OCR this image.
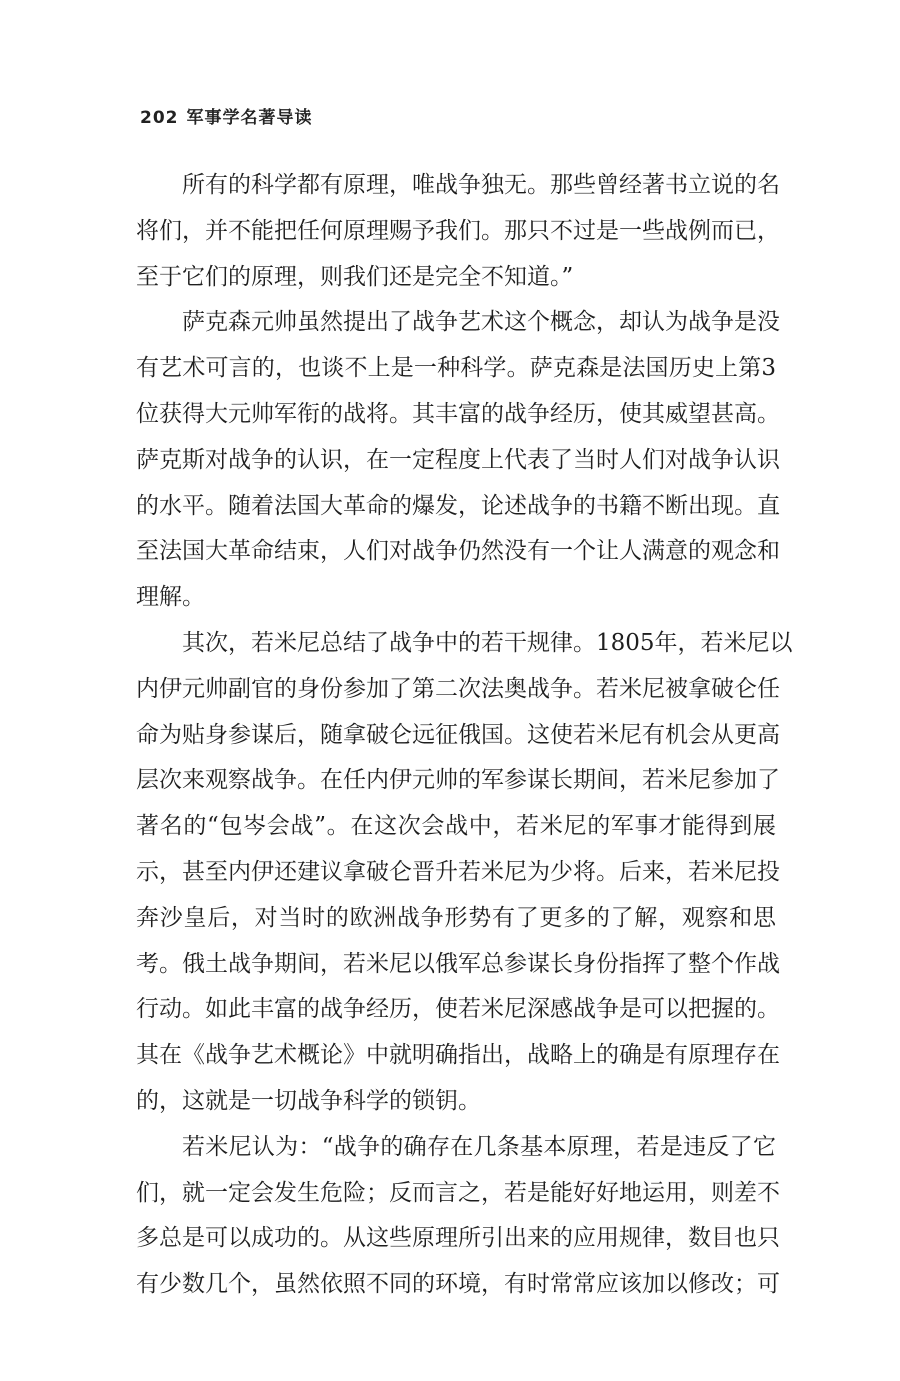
202 军事学名著导读
所有的科学都有原理，唯战争独无。那些曾经著书立说的名
将们，并不能把任何原理赐予我们。那只不过是一些战例而已，
至于它们的原理，则我们还是完全不知道。”
萨克森元帅虽然提出了战争艺术这个概念，却认为战争是没
有艺术可言的，也谈不上是一种科学。萨克森是法国历史上第3
位获得大元帅军衔的战将。其丰富的战争经历，使其威望甚高。
萨克斯对战争的认识，在一定程度上代表了当时人们对战争认识
的水平。随着法国大革命的爆发，论述战争的书籍不断出现。直
至法国大革命结束，人们对战争仍然没有一个让人满意的观念和
理解。
其次，若米尼总结了战争中的若干规律。1805年，若米尼以
内伊元帅副官的身份参加了第二次法奥战争。若米尼被拿破仑任
命为贴身参谋后，随拿破仑远征俄国。这使若米尼有机会从更高
层次来观察战争。在任内伊元帅的军参谋长期间，若米尼参加了
著名的“包岑会战”。在这次会战中，若米尼的军事才能得到展
示，甚至内伊还建议拿破仑晋升若米尼为少将。后来，若米尼投
奔沙皇后，对当时的欧洲战争形势有了更多的了解，观察和思
考。俄土战争期间，若米尼以俄军总参谋长身份指挥了整个作战
行动。如此丰富的战争经历，使若米尼深感战争是可以把握的。
其在《战争艺术概论》中就明确指出，战略上的确是有原理存在
的，这就是一切战争科学的锁钥。
若米尼认为：“战争的确存在几条基本原理，若是违反了它
们，就一定会发生危险；反而言之，若是能好好地运用，则差不
多总是可以成功的。从这些原理所引出来的应用规律，数目也只
有少数几个，虽然依照不同的环境，有时常常应该加以修改；可
